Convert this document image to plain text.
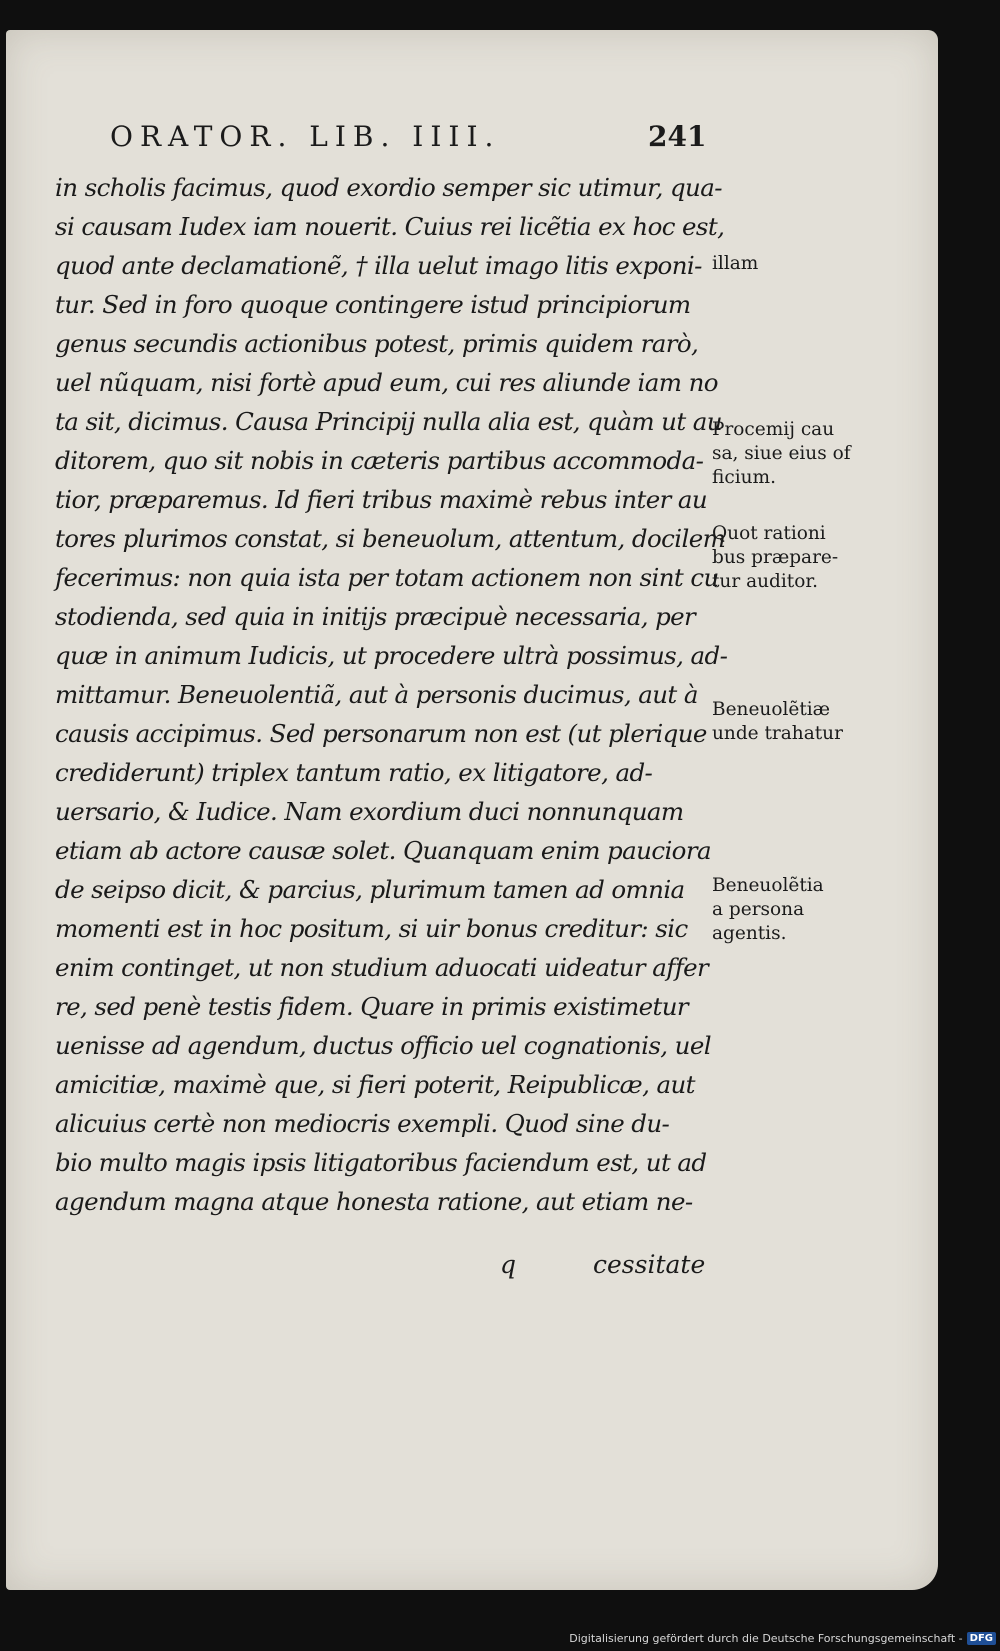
ORATOR. LIB. IIII.	241
in scholis facimus, quod exordio semper sic utimur, qua-
si causam Iudex iam nouerit. Cuius rei licẽtia ex hoc est,
quod ante declamationẽ, † illa uelut imago litis exponi-
tur. Sed in foro quoque contingere istud principiorum
genus secundis actionibus potest, primis quidem rarò,
uel nũquam, nisi fortè apud eum, cui res aliunde iam no
ta sit, dicimus. Causa Principij nulla alia est, quàm ut au
ditorem, quo sit nobis in cæteris partibus accommoda-
tior, præparemus. Id fieri tribus maximè rebus inter au
tores plurimos constat, si beneuolum, attentum, docilem
fecerimus: non quia ista per totam actionem non sint cu
stodienda, sed quia in initijs præcipuè necessaria, per
quæ in animum Iudicis, ut procedere ultrà possimus, ad-
mittamur. Beneuolentiã, aut à personis ducimus, aut à
causis accipimus. Sed personarum non est (ut plerique
crediderunt) triplex tantum ratio, ex litigatore, ad-
uersario, & Iudice. Nam exordium duci nonnunquam
etiam ab actore causæ solet. Quanquam enim pauciora
de seipso dicit, & parcius, plurimum tamen ad omnia
momenti est in hoc positum, si uir bonus creditur: sic
enim continget, ut non studium aduocati uideatur affer
re, sed penè testis fidem. Quare in primis existimetur
uenisse ad agendum, ductus officio uel cognationis, uel
amicitiæ, maximè que, si fieri poterit, Reipublicæ, aut
alicuius certè non mediocris exempli. Quod sine du-
bio multo magis ipsis litigatoribus faciendum est, ut ad
agendum magna atque honesta ratione, aut etiam ne-
q	cessitate
illam
Procemij cau
sa, siue eius of
ficium.
Quot rationi
bus præpare-
tur auditor.
Beneuolẽtiæ
unde trahatur
Beneuolẽtia
a persona
agentis.
Digitalisierung gefördert durch die Deutsche Forschungsgemeinschaft - DFG
